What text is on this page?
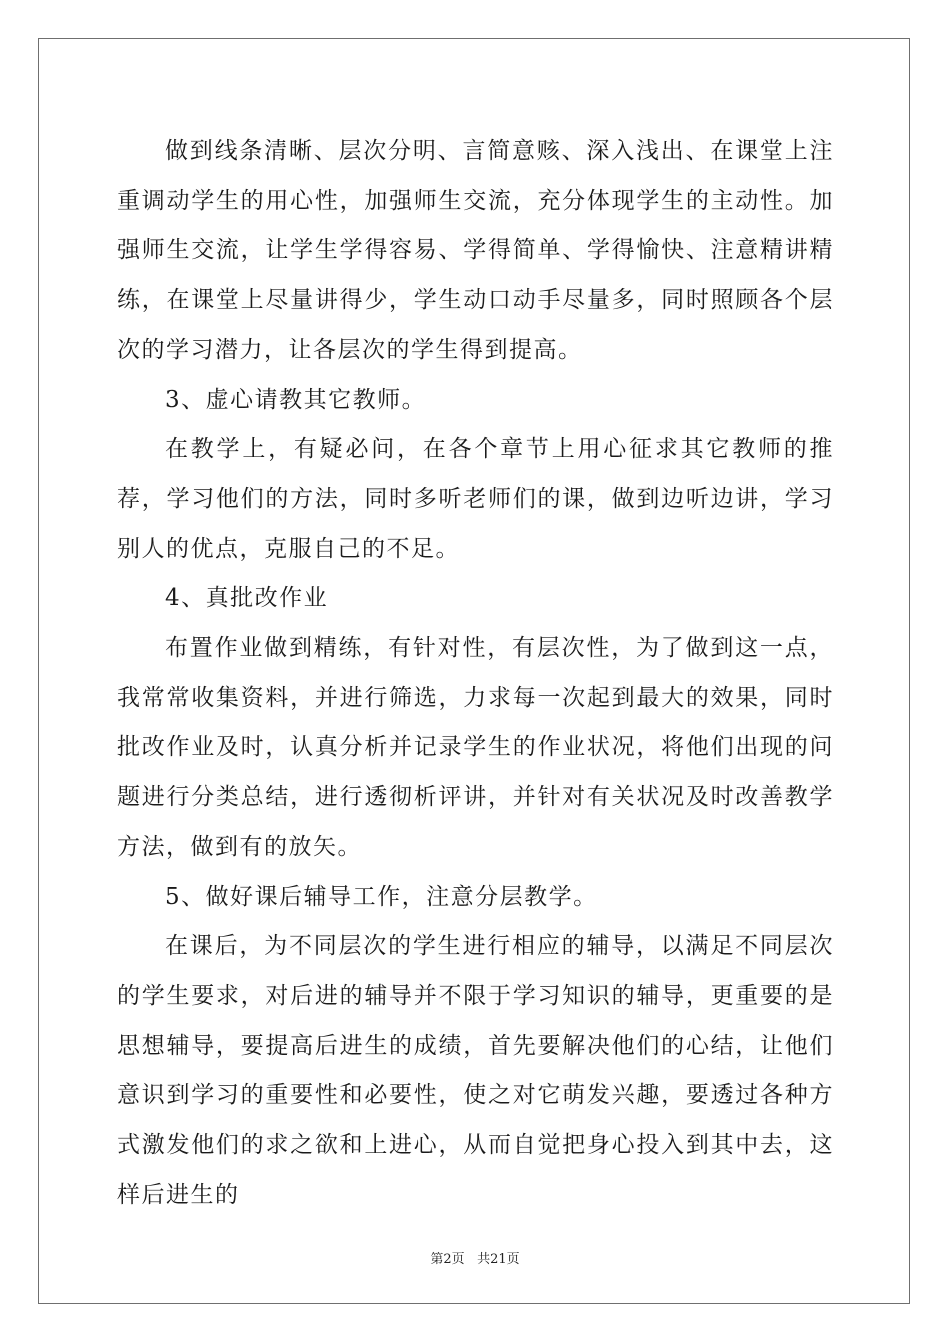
做到线条清晰、层次分明、言简意赅、深入浅出、在课堂上注重调动学生的用心性，加强师生交流，充分体现学生的主动性。加强师生交流，让学生学得容易、学得简单、学得愉快、注意精讲精练，在课堂上尽量讲得少，学生动口动手尽量多，同时照顾各个层次的学习潜力，让各层次的学生得到提高。

3、虚心请教其它教师。

在教学上，有疑必问，在各个章节上用心征求其它教师的推荐，学习他们的方法，同时多听老师们的课，做到边听边讲，学习别人的优点，克服自己的不足。

4、真批改作业

布置作业做到精练，有针对性，有层次性，为了做到这一点，我常常收集资料，并进行筛选，力求每一次起到最大的效果，同时批改作业及时，认真分析并记录学生的作业状况，将他们出现的问题进行分类总结，进行透彻析评讲，并针对有关状况及时改善教学方法，做到有的放矢。

5、做好课后辅导工作，注意分层教学。

在课后，为不同层次的学生进行相应的辅导，以满足不同层次的学生要求，对后进的辅导并不限于学习知识的辅导，更重要的是思想辅导，要提高后进生的成绩，首先要解决他们的心结，让他们意识到学习的重要性和必要性，使之对它萌发兴趣，要透过各种方式激发他们的求之欲和上进心，从而自觉把身心投入到其中去，这样后进生的

第2页 共21页
